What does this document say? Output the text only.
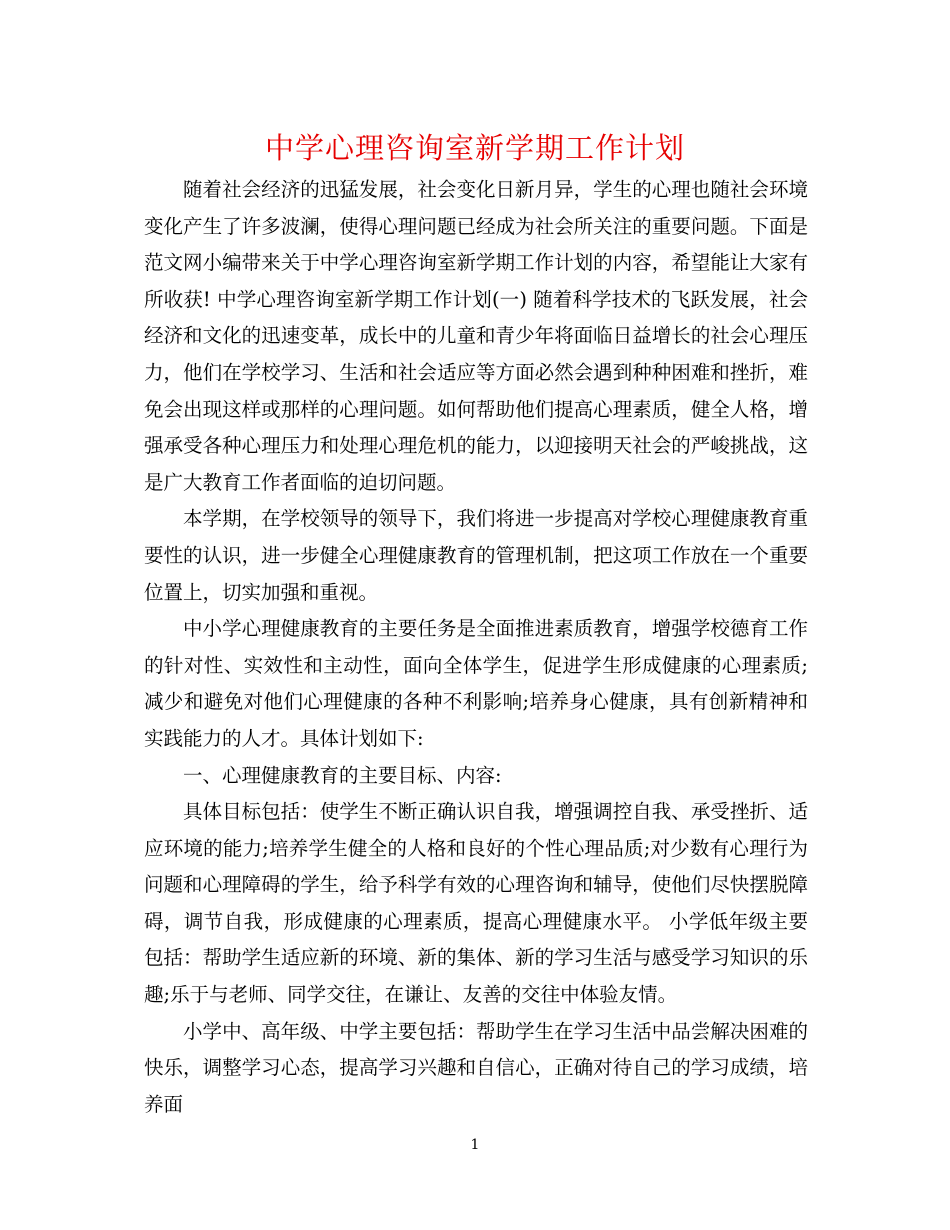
中学心理咨询室新学期工作计划

随着社会经济的迅猛发展，社会变化日新月异，学生的心理也随社会环境变化产生了许多波澜，使得心理问题已经成为社会所关注的重要问题。下面是范文网小编带来关于中学心理咨询室新学期工作计划的内容，希望能让大家有所收获! 中学心理咨询室新学期工作计划(一) 随着科学技术的飞跃发展，社会经济和文化的迅速变革，成长中的儿童和青少年将面临日益增长的社会心理压力，他们在学校学习、生活和社会适应等方面必然会遇到种种困难和挫折，难免会出现这样或那样的心理问题。如何帮助他们提高心理素质，健全人格，增强承受各种心理压力和处理心理危机的能力，以迎接明天社会的严峻挑战，这是广大教育工作者面临的迫切问题。

本学期，在学校领导的领导下，我们将进一步提高对学校心理健康教育重要性的认识，进一步健全心理健康教育的管理机制，把这项工作放在一个重要位置上，切实加强和重视。

中小学心理健康教育的主要任务是全面推进素质教育，增强学校德育工作的针对性、实效性和主动性，面向全体学生，促进学生形成健康的心理素质;减少和避免对他们心理健康的各种不利影响;培养身心健康，具有创新精神和实践能力的人才。具体计划如下:

一、心理健康教育的主要目标、内容:

具体目标包括：使学生不断正确认识自我，增强调控自我、承受挫折、适应环境的能力;培养学生健全的人格和良好的个性心理品质;对少数有心理行为问题和心理障碍的学生，给予科学有效的心理咨询和辅导，使他们尽快摆脱障碍，调节自我，形成健康的心理素质，提高心理健康水平。 小学低年级主要包括：帮助学生适应新的环境、新的集体、新的学习生活与感受学习知识的乐趣;乐于与老师、同学交往，在谦让、友善的交往中体验友情。

小学中、高年级、中学主要包括：帮助学生在学习生活中品尝解决困难的快乐，调整学习心态，提高学习兴趣和自信心，正确对待自己的学习成绩，培养面

1
